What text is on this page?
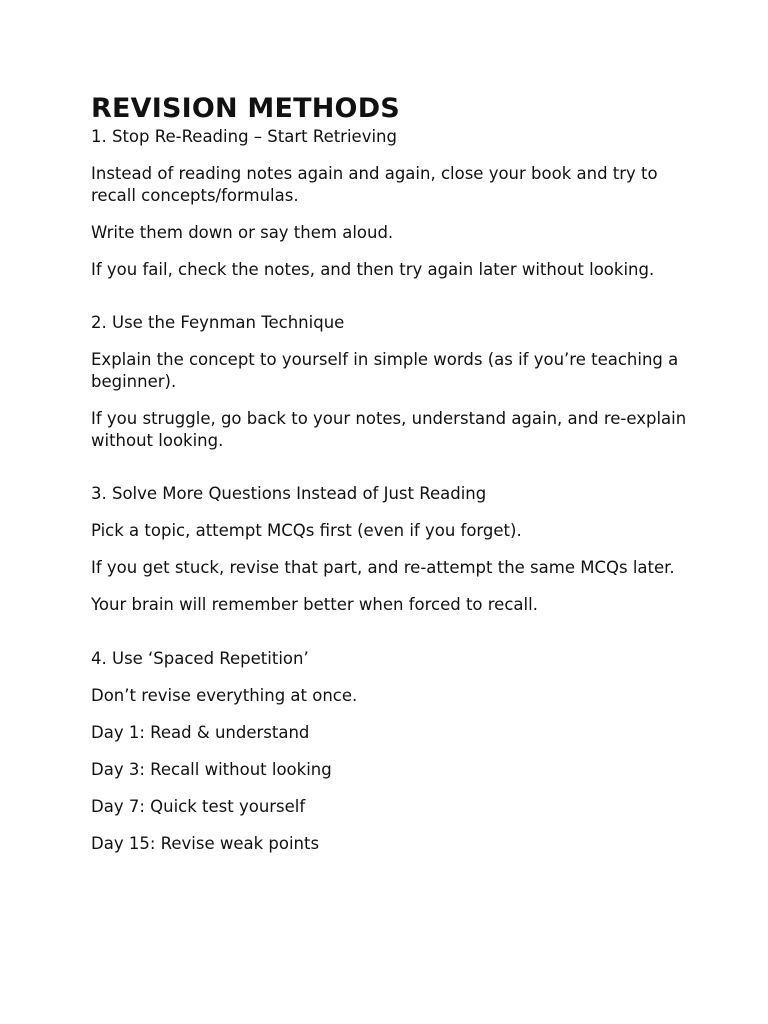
REVISION METHODS

1. Stop Re-Reading – Start Retrieving

Instead of reading notes again and again, close your book and try to recall concepts/formulas.

Write them down or say them aloud.

If you fail, check the notes, and then try again later without looking.

2. Use the Feynman Technique

Explain the concept to yourself in simple words (as if you’re teaching a beginner).

If you struggle, go back to your notes, understand again, and re-explain without looking.

3. Solve More Questions Instead of Just Reading

Pick a topic, attempt MCQs first (even if you forget).

If you get stuck, revise that part, and re-attempt the same MCQs later.

Your brain will remember better when forced to recall.

4. Use ‘Spaced Repetition’

Don’t revise everything at once.

Day 1: Read & understand

Day 3: Recall without looking

Day 7: Quick test yourself

Day 15: Revise weak points
